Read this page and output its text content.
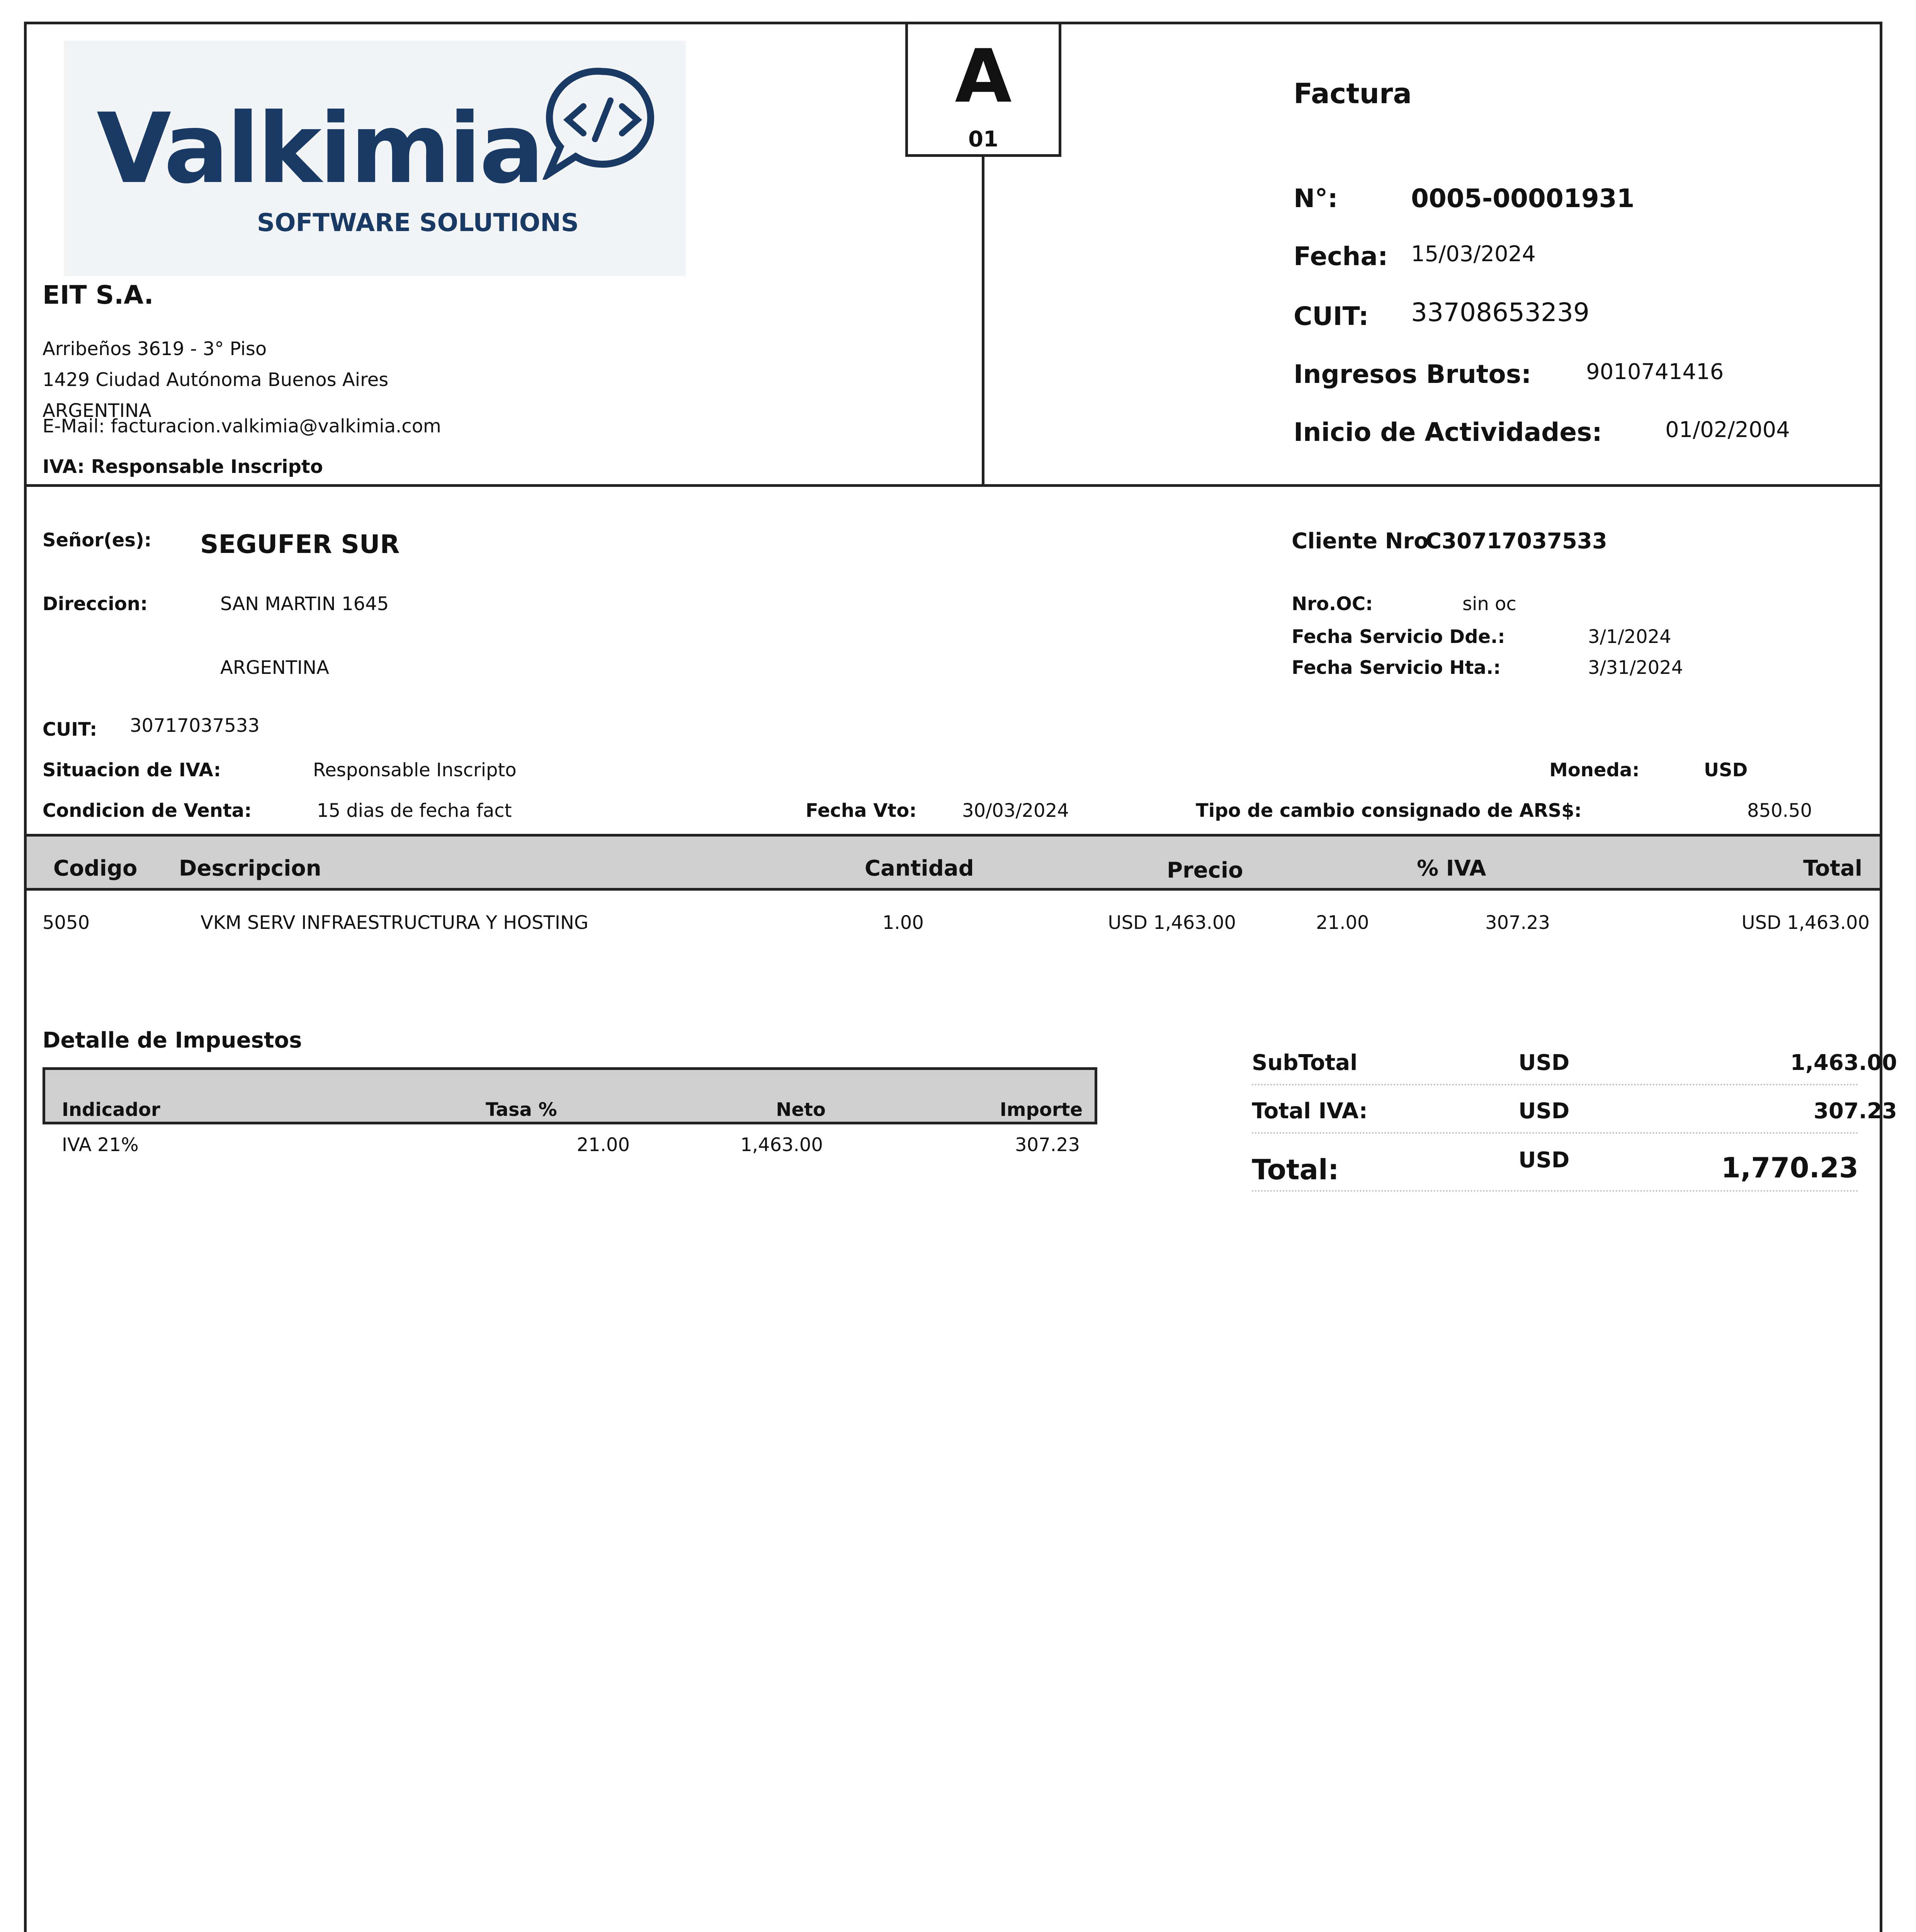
A
01
Valkimia
SOFTWARE SOLUTIONS
EIT S.A.
Arribeños 3619 - 3° Piso
1429 Ciudad Autónoma Buenos Aires
ARGENTINA
E-Mail: facturacion.valkimia@valkimia.com
IVA: Responsable Inscripto
Factura
N°:	0005-00001931
Fecha: 15/03/2024
CUIT: 33708653239
Ingresos Brutos:	9010741416
Inicio de Actividades:	01/02/2004
Señor(es): SEGUFER SUR	Cliente Nro
C30717037533
Direccion:	SAN MARTIN 1645
ARGENTINA
Nro.OC:	sin oc
Fecha Servicio Dde.:	3/1/2024
Fecha Servicio Hta.:	3/31/2024
CUIT: 30717037533
Situacion de IVA:	Responsable Inscripto	Moneda:	USD
Condicion de Venta:	15 dias de fecha fact	Fecha Vto: 30/03/2024	Tipo de cambio consignado de ARS$:	850.50
Codigo Descripcion	Cantidad	Precio	% IVA	Total
5050	VKM SERV INFRAESTRUCTURA Y HOSTING	1.00	USD 1,463.00	21.00	307.23	USD 1,463.00
Detalle de Impuestos
Indicador	Tasa %	Neto	Importe
IVA 21%	21.00	1,463.00	307.23
SubTotal	USD	1,463.00
Total IVA:	USD	307.23
Total:	USD	1,770.23
